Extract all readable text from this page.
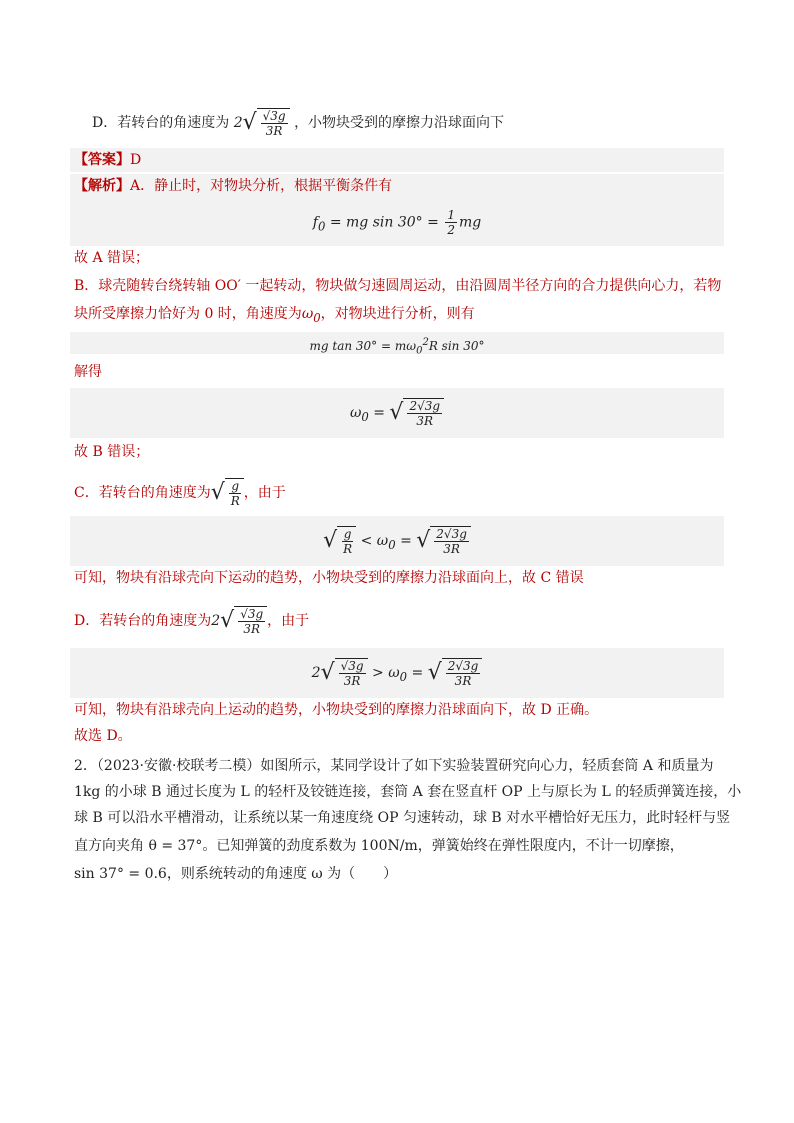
D．若转台的角速度为 2 √ $\frac{√3g}{3R}$ ，小物块受到的摩擦力沿球面向下
【答案】D
【解析】A．静止时，对物块分析，根据平衡条件有
$f_0$ = mg $\sin 30^\circ = \frac{1}{2}$ mg
故 A 错误；
B．球壳随转台绕转轴 OO′ 一起转动，物块做匀速圆周运动，由沿圆周半径方向的合力提供向心力，若物
块所受摩擦力恰好为 0 时，角速度为$\omega_0$，对物块进行分析，则有
mg $\tan 30^\circ = m\omega_0^2R$ sin 30°
解得
$\omega_0$ = √ $\frac{2√3g}{3R}$
故 B 错误；
C．若转台的角速度为 √ $\frac{g}{R}$ ，由于
√ $\frac{g}{R} < \omega_0$ = √ $\frac{2√3g}{3R}$
可知，物块有沿球壳向下运动的趋势，小物块受到的摩擦力沿球面向上，故 C 错误
D．若转台的角速度为2 √ $\frac{√3g}{3R}$ ，由于
2 √ $\frac{√3g}{3R} > \omega_0$ = √ $\frac{2√3g}{3R}$
可知，物块有沿球壳向上运动的趋势，小物块受到的摩擦力沿球面向下，故 D 正确。
故选 D。
2．（2023·安徽·校联考二模）如图所示，某同学设计了如下实验装置研究向心力，轻质套筒 A 和质量为
1kg 的小球 B 通过长度为 L 的轻杆及铰链连接，套筒 A 套在竖直杆 OP 上与原长为 L 的轻质弹簧连接，小
球 B 可以沿水平槽滑动，让系统以某一角速度绕 OP 匀速转动，球 B 对水平槽恰好无压力，此时轻杆与竖
直方向夹角 θ = 37°。已知弹簧的劲度系数为 100N/m，弹簧始终在弹性限度内，不计一切摩擦，
sin 37° = 0.6，则系统转动的角速度 ω 为（　　）
